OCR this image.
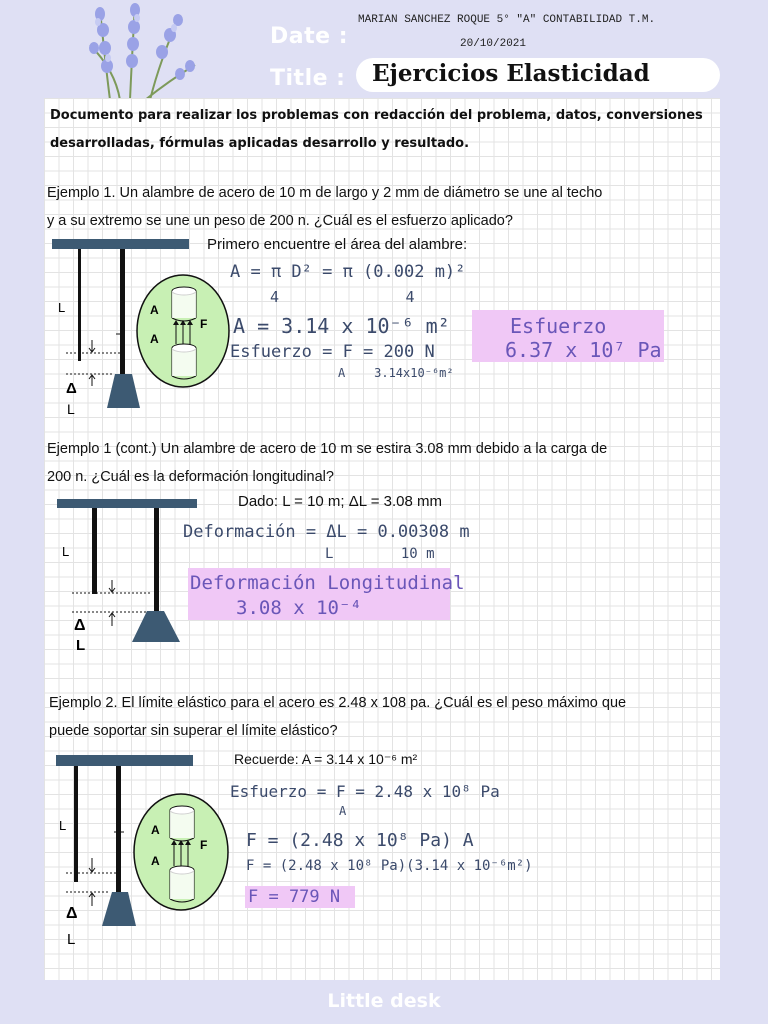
Date :
Title :
MARIAN SANCHEZ ROQUE 5° "A" CONTABILIDAD T.M.
20/10/2021
Ejercicios Elasticidad
Documento para realizar los problemas con redacción del problema, datos, conversiones
desarrolladas, fórmulas aplicadas desarrollo y resultado.
Ejemplo 1. Un alambre de acero de 10 m de largo y 2 mm de diámetro se une al techo
y a su extremo se une un peso de 200 n. ¿Cuál es el esfuerzo aplicado?
Primero encuentre el área del alambre:
L
Δ
L
A
A
F
A = π D² = π (0.002 m)²
4              4
A = 3.14 x 10⁻⁶ m²
Esfuerzo = F = 200 N
A    3.14x10⁻⁶m²
Esfuerzo
6.37 x 10⁷ Pa
Ejemplo 1 (cont.) Un alambre de acero de 10 m se estira 3.08 mm debido a la carga de
200 n. ¿Cuál es la deformación longitudinal?
Dado: L = 10 m; ΔL = 3.08 mm
L
Δ
L
Deformación = ΔL = 0.00308 m
L        10 m
Deformación Longitudinal
3.08 x 10⁻⁴
Ejemplo 2. El límite elástico para el acero es 2.48 x 108 pa. ¿Cuál es el peso máximo que
puede soportar sin superar el límite elástico?
Recuerde: A = 3.14 x 10⁻⁶ m²
L
Δ
L
A
A
F
Esfuerzo = F = 2.48 x 10⁸ Pa
A
F = (2.48 x 10⁸ Pa) A
F = (2.48 x 10⁸ Pa)(3.14 x 10⁻⁶m²)
F = 779 N
Little desk
